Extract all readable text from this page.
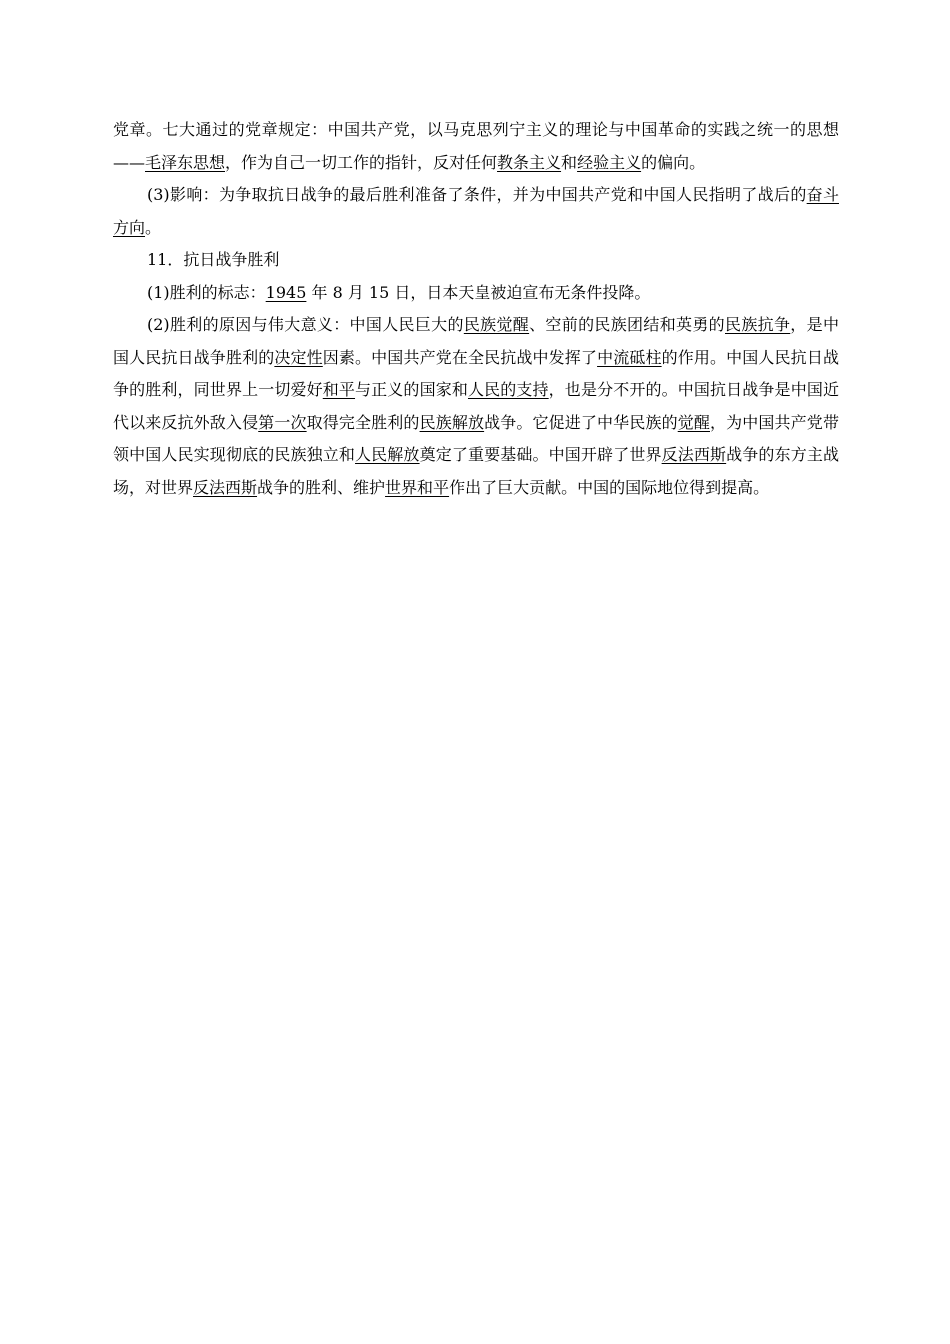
党章。七大通过的党章规定：中国共产党，以马克思列宁主义的理论与中国革命的实践之统一的思想——毛泽东思想，作为自己一切工作的指针，反对任何教条主义和经验主义的偏向。

(3)影响：为争取抗日战争的最后胜利准备了条件，并为中国共产党和中国人民指明了战后的奋斗方向。

11．抗日战争胜利

(1)胜利的标志：1945 年 8 月 15 日，日本天皇被迫宣布无条件投降。

(2)胜利的原因与伟大意义：中国人民巨大的民族觉醒、空前的民族团结和英勇的民族抗争，是中国人民抗日战争胜利的决定性因素。中国共产党在全民抗战中发挥了中流砥柱的作用。中国人民抗日战争的胜利，同世界上一切爱好和平与正义的国家和人民的支持，也是分不开的。中国抗日战争是中国近代以来反抗外敌入侵第一次取得完全胜利的民族解放战争。它促进了中华民族的觉醒，为中国共产党带领中国人民实现彻底的民族独立和人民解放奠定了重要基础。中国开辟了世界反法西斯战争的东方主战场，对世界反法西斯战争的胜利、维护世界和平作出了巨大贡献。中国的国际地位得到提高。
